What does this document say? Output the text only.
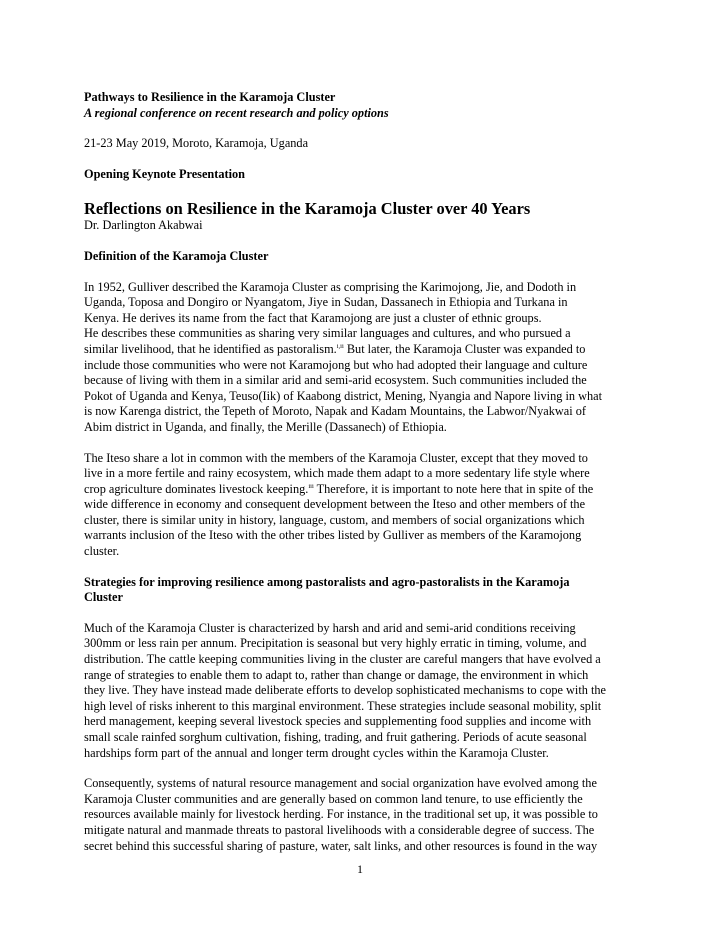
Pathways to Resilience in the Karamoja Cluster
A regional conference on recent research and policy options
21-23 May 2019, Moroto, Karamoja, Uganda
Opening Keynote Presentation
Reflections on Resilience in the Karamoja Cluster over 40 Years
Dr. Darlington Akabwai
Definition of the Karamoja Cluster

In 1952, Gulliver described the Karamoja Cluster as comprising the Karimojong, Jie, and Dodoth in
Uganda, Toposa and Dongiro or Nyangatom, Jiye in Sudan, Dassanech in Ethiopia and Turkana in
Kenya. He derives its name from the fact that Karamojong are just a cluster of ethnic groups.
He describes these communities as sharing very similar languages and cultures, and who pursued a
similar livelihood, that he identified as pastoralism.$^{i,ii}$ But later, the Karamoja Cluster was expanded to
include those communities who were not Karamojong but who had adopted their language and culture
because of living with them in a similar arid and semi-arid ecosystem. Such communities included the
Pokot of Uganda and Kenya, Teuso(Iik) of Kaabong district, Mening, Nyangia and Napore living in what
is now Karenga district, the Tepeth of Moroto, Napak and Kadam Mountains, the Labwor/Nyakwai of
Abim district in Uganda, and finally, the Merille (Dassanech) of Ethiopia.

The Iteso share a lot in common with the members of the Karamoja Cluster, except that they moved to
live in a more fertile and rainy ecosystem, which made them adapt to a more sedentary life style where
crop agriculture dominates livestock keeping.$^{iii}$ Therefore, it is important to note here that in spite of the
wide difference in economy and consequent development between the Iteso and other members of the
cluster, there is similar unity in history, language, custom, and members of social organizations which
warrants inclusion of the Iteso with the other tribes listed by Gulliver as members of the Karamojong
cluster.

Strategies for improving resilience among pastoralists and agro-pastoralists in the Karamoja
Cluster

Much of the Karamoja Cluster is characterized by harsh and arid and semi-arid conditions receiving
300mm or less rain per annum. Precipitation is seasonal but very highly erratic in timing, volume, and
distribution. The cattle keeping communities living in the cluster are careful mangers that have evolved a
range of strategies to enable them to adapt to, rather than change or damage, the environment in which
they live. They have instead made deliberate efforts to develop sophisticated mechanisms to cope with the
high level of risks inherent to this marginal environment. These strategies include seasonal mobility, split
herd management, keeping several livestock species and supplementing food supplies and income with
small scale rainfed sorghum cultivation, fishing, trading, and fruit gathering. Periods of acute seasonal
hardships form part of the annual and longer term drought cycles within the Karamoja Cluster.

Consequently, systems of natural resource management and social organization have evolved among the
Karamoja Cluster communities and are generally based on common land tenure, to use efficiently the
resources available mainly for livestock herding. For instance, in the traditional set up, it was possible to
mitigate natural and manmade threats to pastoral livelihoods with a considerable degree of success. The
secret behind this successful sharing of pasture, water, salt links, and other resources is found in the way

1
